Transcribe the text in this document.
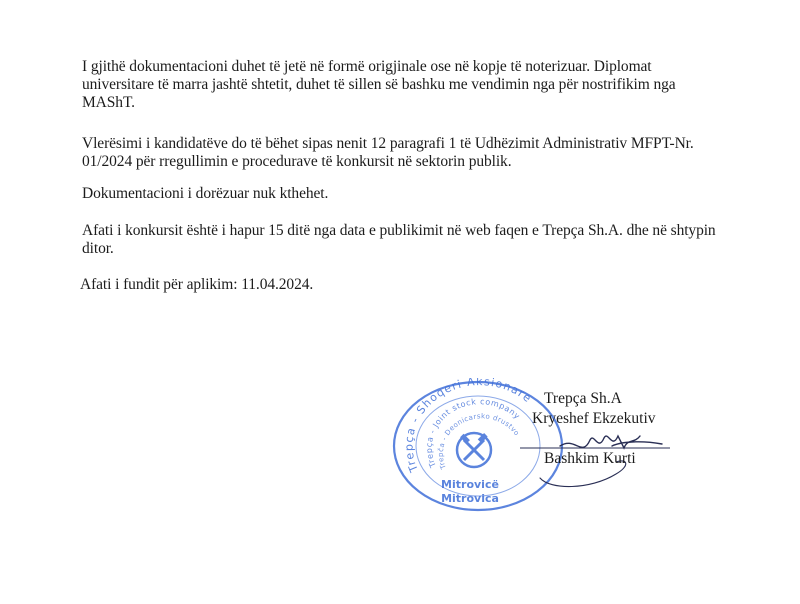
I gjithë dokumentacioni duhet të jetë në formë origjinale ose në kopje të noterizuar. Diplomat universitare të marra jashtë shtetit, duhet të sillen së bashku me vendimin nga për nostrifikim nga MAShT.

Vlerësimi i kandidatëve do të bëhet sipas nenit 12 paragrafi 1 të Udhëzimit Administrativ MFPT-Nr. 01/2024 për rregullimin e procedurave të konkursit në sektorin publik.

Dokumentacioni i dorëzuar nuk kthehet.

Afati i konkursit është i hapur 15 ditë nga data e publikimit në web faqen e Trepça Sh.A. dhe në shtypin ditor.

Afati i fundit për aplikim: 11.04.2024.

Trepça - Shoqeri Aksionare
Trepça - Joint stock company
Trepča - Deonicarsko drustvo
Mitrovicë
Mitrovica

Trepça Sh.A

Kryeshef Ekzekutiv

Bashkim Kurti
